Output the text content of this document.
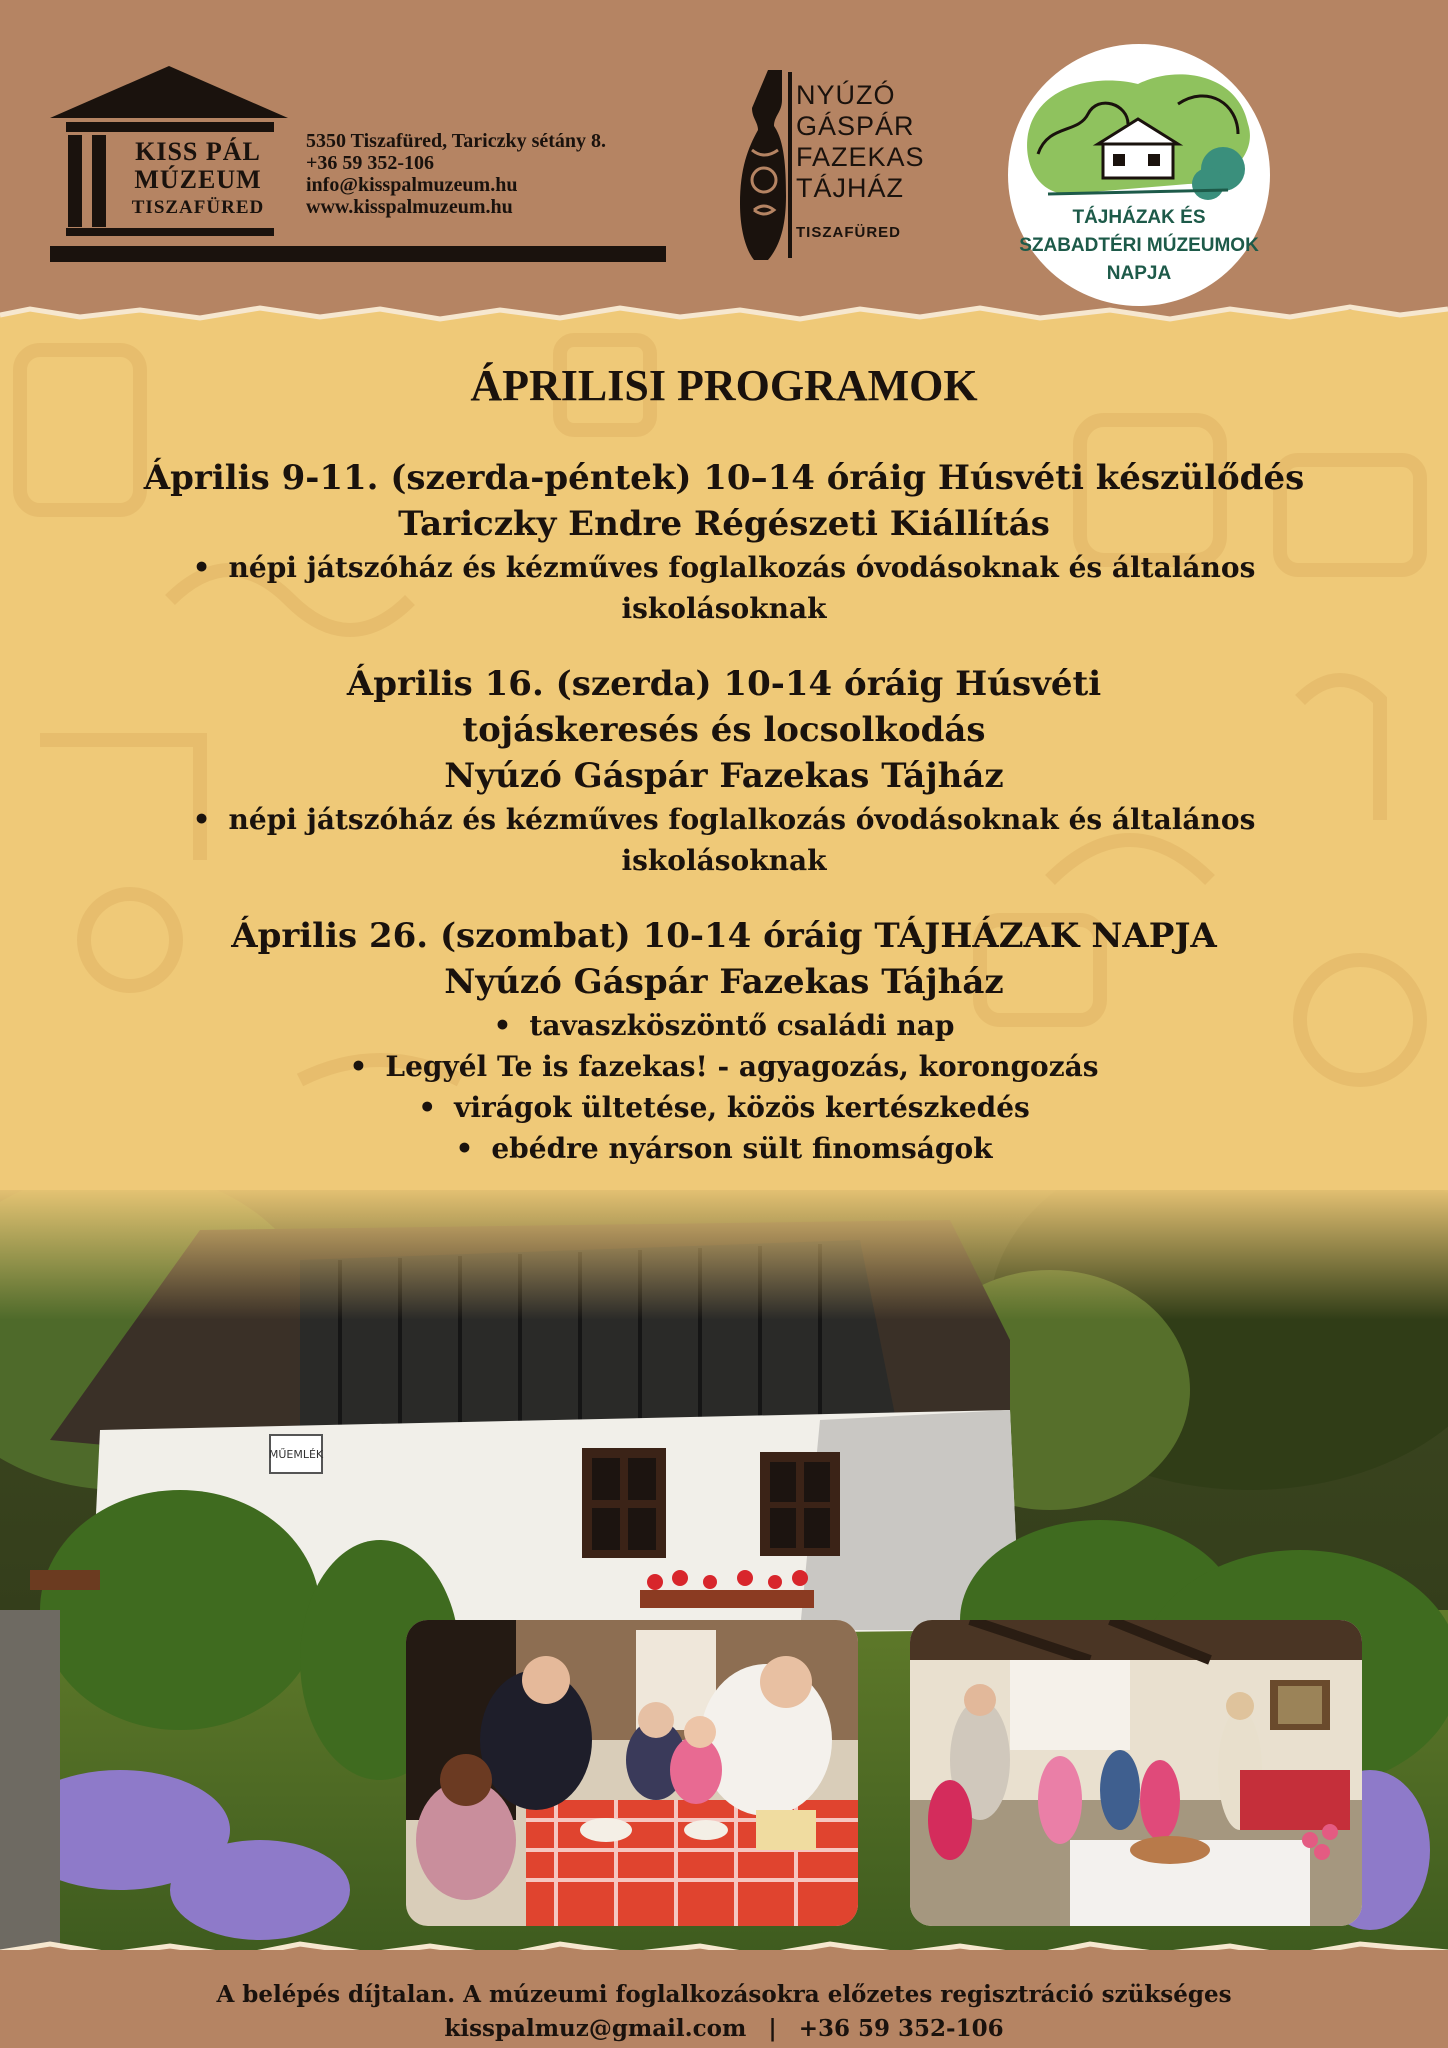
KISS PÁL
MÚZEUM
TISZAFÜRED
5350 Tiszafüred, Tariczky sétány 8.
+36 59 352-106
info@kisspalmuzeum.hu
www.kisspalmuzeum.hu
NYÚZÓ
GÁSPÁR
FAZEKAS
TÁJHÁZ
TISZAFÜRED
TÁJHÁZAK ÉS
SZABADTÉRI MÚZEUMOK
NAPJA
ÁPRILISI PROGRAMOK
Április 9-11. (szerda-péntek) 10–14 óráig Húsvéti készülődés
Tariczky Endre Régészeti Kiállítás
• népi játszóház és kézműves foglalkozás óvodásoknak és általános iskolásoknak
Április 16. (szerda) 10-14 óráig Húsvéti tojáskeresés és locsolkodás
Nyúzó Gáspár Fazekas Tájház
• népi játszóház és kézműves foglalkozás óvodásoknak és általános iskolásoknak
Április 26. (szombat) 10-14 óráig TÁJHÁZAK NAPJA
Nyúzó Gáspár Fazekas Tájház
• tavaszköszöntő családi nap
• Legyél Te is fazekas! - agyagozás, korongozás
• virágok ültetése, közös kertészkedés
• ebédre nyárson sült finomságok
MŰEMLÉK
A belépés díjtalan. A múzeumi foglalkozásokra előzetes regisztráció szükséges
kisspalmuz@gmail.com | +36 59 352-106
